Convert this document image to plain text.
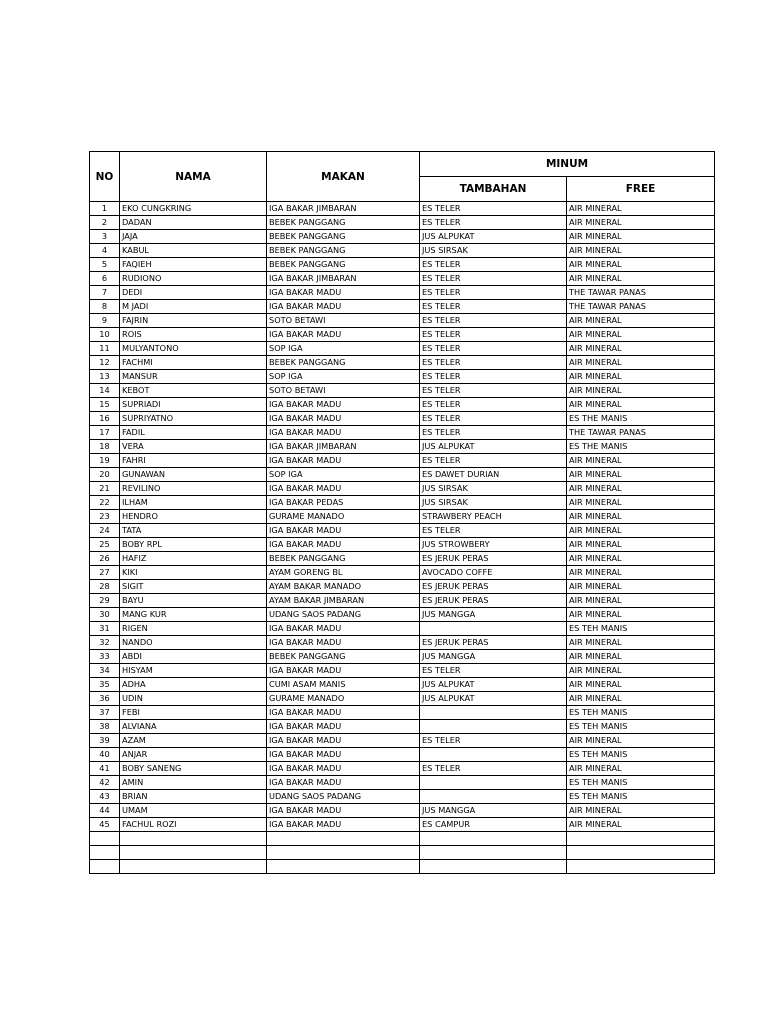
NO	NAMA	MAKAN	MINUM	
			TAMBAHAN	FREE
1	EKO CUNGKRING	IGA BAKAR JIMBARAN	ES TELER	AIR MINERAL
2	DADAN	BEBEK PANGGANG	ES TELER	AIR MINERAL
3	JAJA	BEBEK PANGGANG	JUS ALPUKAT	AIR MINERAL
4	KABUL	BEBEK PANGGANG	JUS SIRSAK	AIR MINERAL
5	FAQIEH	BEBEK PANGGANG	ES TELER	AIR MINERAL
6	RUDIONO	IGA BAKAR JIMBARAN	ES TELER	AIR MINERAL
7	DEDI	IGA BAKAR MADU	ES TELER	THE TAWAR PANAS
8	M JADI	IGA BAKAR MADU	ES TELER	THE TAWAR PANAS
9	FAJRIN	SOTO BETAWI	ES TELER	AIR MINERAL
10	ROIS	IGA BAKAR MADU	ES TELER	AIR MINERAL
11	MULYANTONO	SOP IGA	ES TELER	AIR MINERAL
12	FACHMI	BEBEK PANGGANG	ES TELER	AIR MINERAL
13	MANSUR	SOP IGA	ES TELER	AIR MINERAL
14	KEBOT	SOTO BETAWI	ES TELER	AIR MINERAL
15	SUPRIADI	IGA BAKAR MADU	ES TELER	AIR MINERAL
16	SUPRIYATNO	IGA BAKAR MADU	ES TELER	ES THE MANIS
17	FADIL	IGA BAKAR MADU	ES TELER	THE TAWAR PANAS
18	VERA	IGA BAKAR JIMBARAN	JUS ALPUKAT	ES THE MANIS
19	FAHRI	IGA BAKAR MADU	ES TELER	AIR MINERAL
20	GUNAWAN	SOP IGA	ES DAWET DURIAN	AIR MINERAL
21	REVILINO	IGA BAKAR MADU	JUS SIRSAK	AIR MINERAL
22	ILHAM	IGA BAKAR PEDAS	JUS SIRSAK	AIR MINERAL
23	HENDRO	GURAME MANADO	STRAWBERY PEACH	AIR MINERAL
24	TATA	IGA BAKAR MADU	ES TELER	AIR MINERAL
25	BOBY RPL	IGA BAKAR MADU	JUS STROWBERY	AIR MINERAL
26	HAFIZ	BEBEK PANGGANG	ES JERUK PERAS	AIR MINERAL
27	KIKI	AYAM GORENG BL	AVOCADO COFFE	AIR MINERAL
28	SIGIT	AYAM BAKAR MANADO	ES JERUK PERAS	AIR MINERAL
29	BAYU	AYAM BAKAR JIMBARAN	ES JERUK PERAS	AIR MINERAL
30	MANG KUR	UDANG SAOS PADANG	JUS MANGGA	AIR MINERAL
31	RIGEN	IGA BAKAR MADU		ES TEH MANIS
32	NANDO	IGA BAKAR MADU	ES JERUK PERAS	AIR MINERAL
33	ABDI	BEBEK PANGGANG	JUS MANGGA	AIR MINERAL
34	HISYAM	IGA BAKAR MADU	ES TELER	AIR MINERAL
35	ADHA	CUMI ASAM MANIS	JUS ALPUKAT	AIR MINERAL
36	UDIN	GURAME MANADO	JUS ALPUKAT	AIR MINERAL
37	FEBI	IGA BAKAR MADU		ES TEH MANIS
38	ALVIANA	IGA BAKAR MADU		ES TEH MANIS
39	AZAM	IGA BAKAR MADU	ES TELER	AIR MINERAL
40	ANJAR	IGA BAKAR MADU		ES TEH MANIS
41	BOBY SANENG	IGA BAKAR MADU	ES TELER	AIR MINERAL
42	AMIN	IGA BAKAR MADU		ES TEH MANIS
43	BRIAN	UDANG SAOS PADANG		ES TEH MANIS
44	UMAM	IGA BAKAR MADU	JUS MANGGA	AIR MINERAL
45	FACHUL ROZI	IGA BAKAR MADU	ES CAMPUR	AIR MINERAL
